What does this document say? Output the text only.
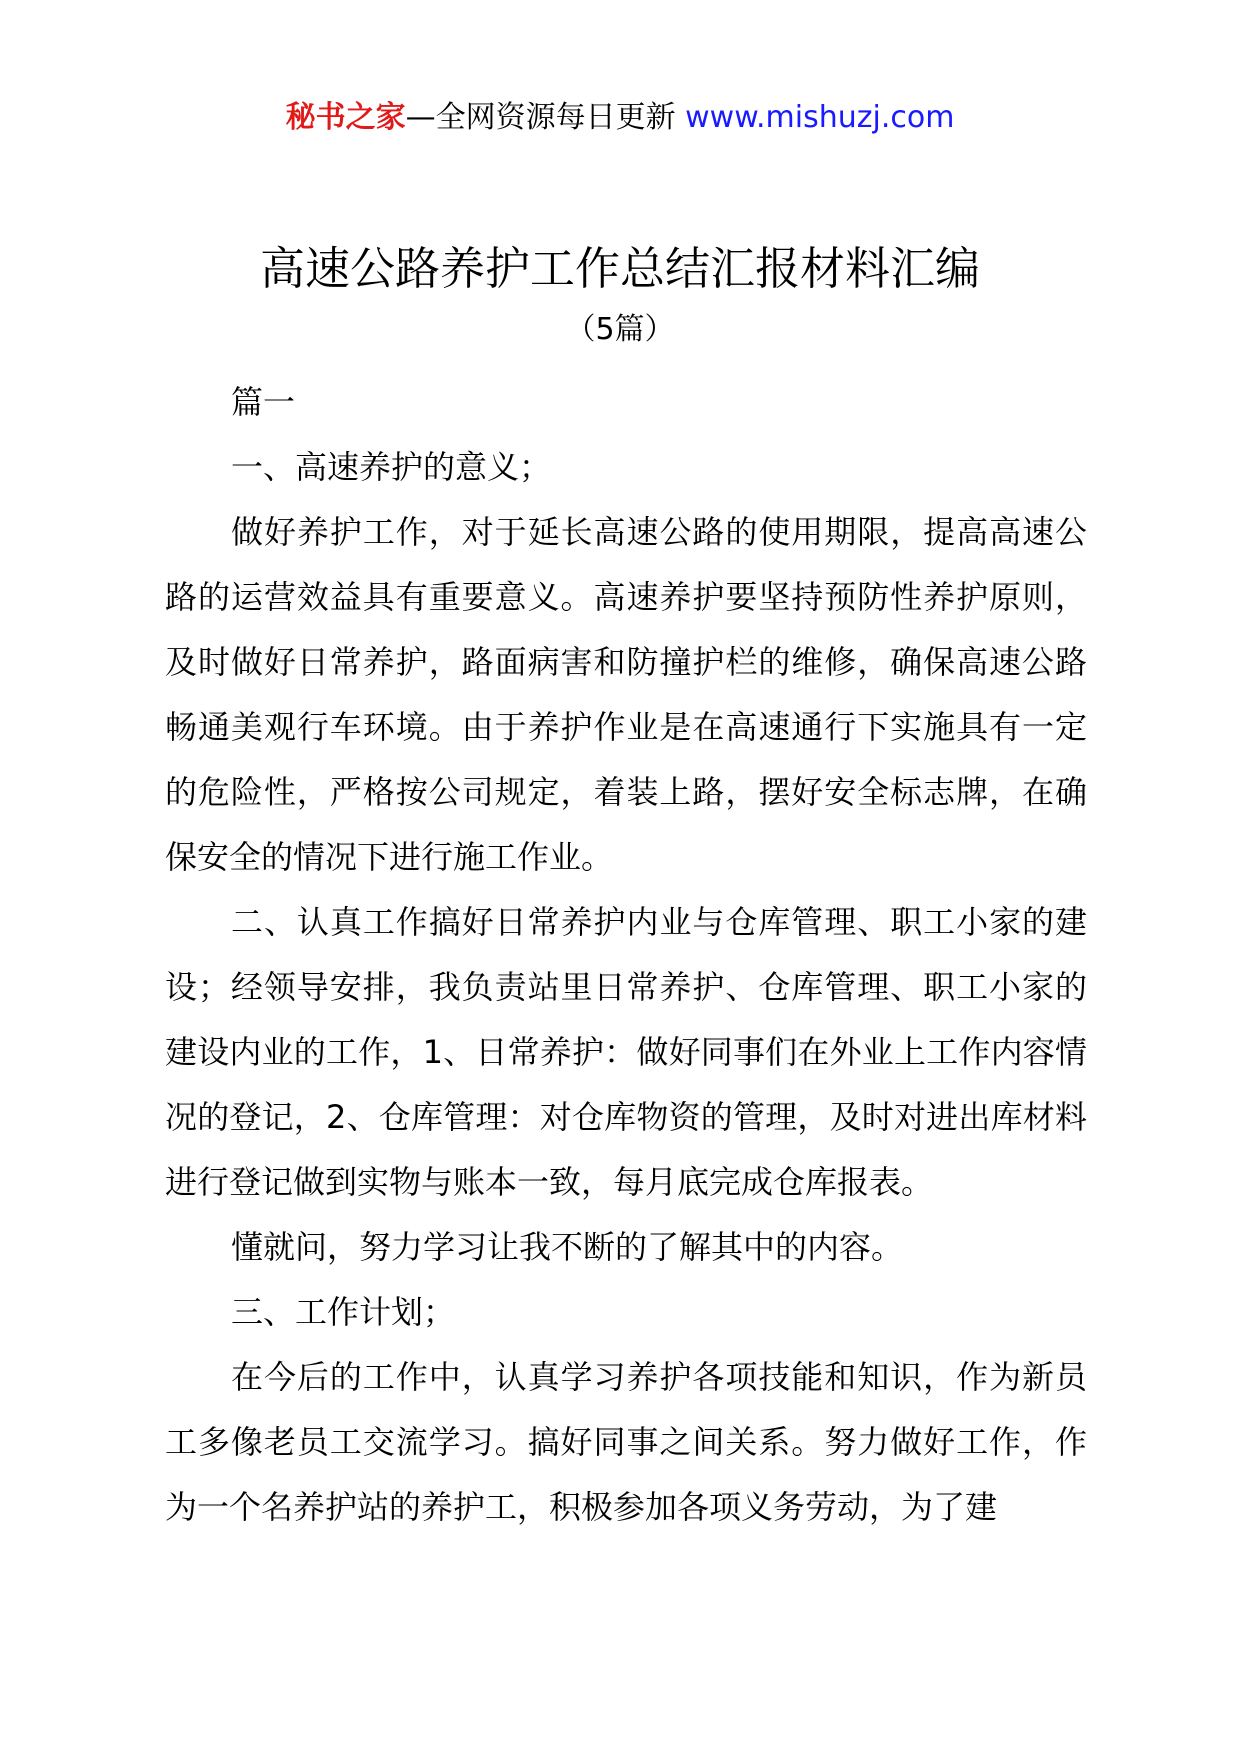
秘书之家—全网资源每日更新 www.mishuzj.com
高速公路养护工作总结汇报材料汇编
（5篇）

篇一

一、高速养护的意义；

做好养护工作，对于延长高速公路的使用期限，提高高速公路的运营效益具有重要意义。高速养护要坚持预防性养护原则，及时做好日常养护，路面病害和防撞护栏的维修，确保高速公路畅通美观行车环境。由于养护作业是在高速通行下实施具有一定的危险性，严格按公司规定，着装上路，摆好安全标志牌，在确保安全的情况下进行施工作业。

二、认真工作搞好日常养护内业与仓库管理、职工小家的建设；经领导安排，我负责站里日常养护、仓库管理、职工小家的建设内业的工作，1、日常养护：做好同事们在外业上工作内容情况的登记，2、仓库管理：对仓库物资的管理，及时对进出库材料进行登记做到实物与账本一致，每月底完成仓库报表。

懂就问，努力学习让我不断的了解其中的内容。

三、工作计划；

在今后的工作中，认真学习养护各项技能和知识，作为新员工多像老员工交流学习。搞好同事之间关系。努力做好工作，作为一个名养护站的养护工，积极参加各项义务劳动，为了建
